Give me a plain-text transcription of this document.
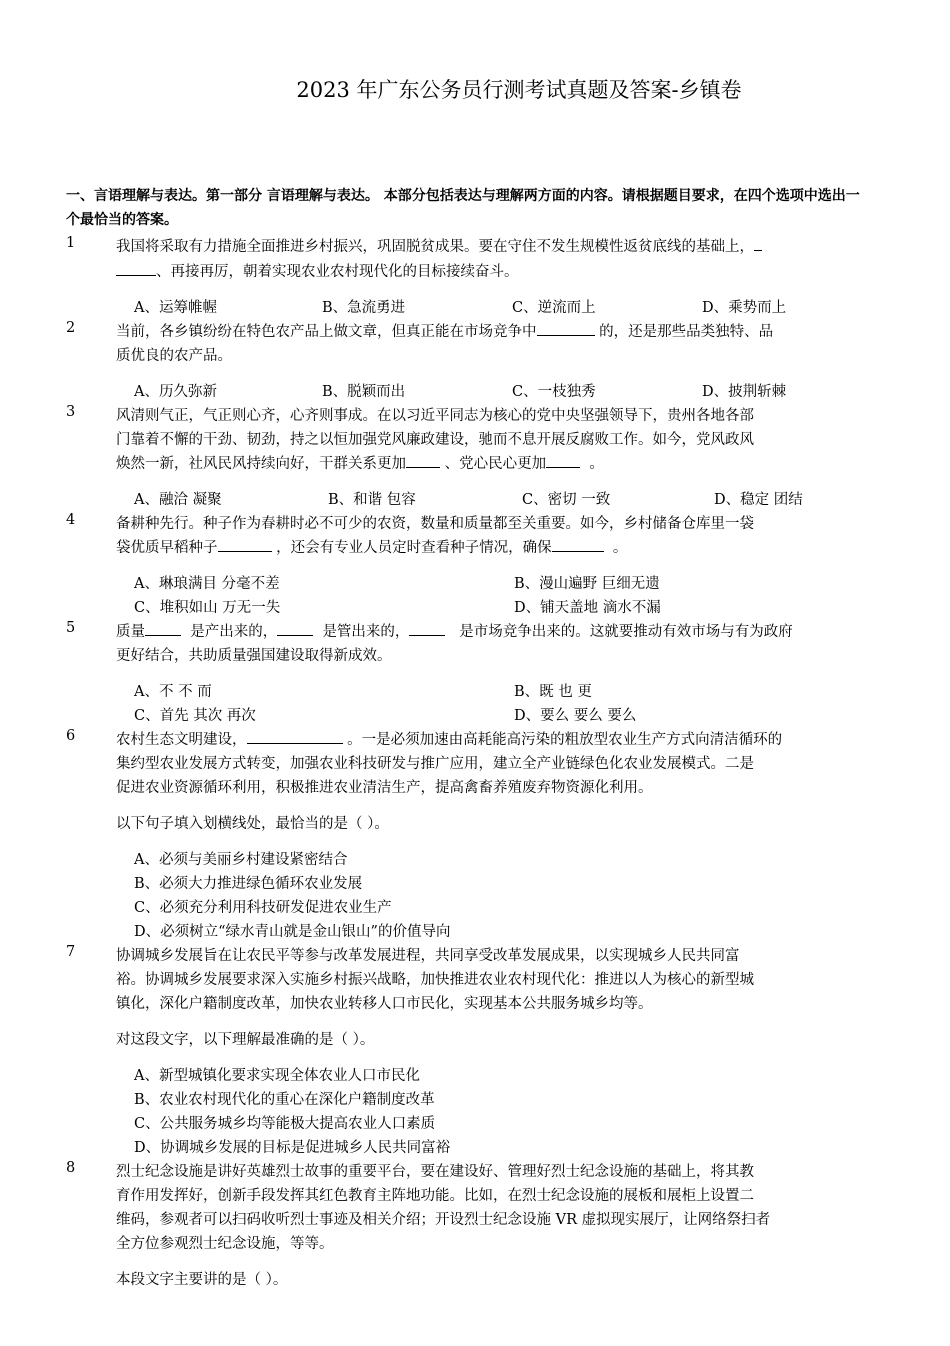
2023 年广东公务员行测考试真题及答案-乡镇卷
一、言语理解与表达。第一部分 言语理解与表达。 本部分包括表达与理解两方面的内容。请根据题目要求，在四个选项中选出一个最恰当的答案。
1	我国将采取有力措施全面推进乡村振兴，巩固脱贫成果。要在守住不发生规模性返贫底线的基础上，
、再接再厉，朝着实现农业农村现代化的目标接续奋斗。
A、运筹帷幄	B、急流勇进	C、逆流而上	D、乘势而上
2	当前，各乡镇纷纷在特色农产品上做文章，但真正能在市场竞争中	的，还是那些品类独特、品
质优良的农产品。
A、历久弥新	B、脱颖而出	C、一枝独秀	D、披荆斩棘
3	风清则气正，气正则心齐，心齐则事成。在以习近平同志为核心的党中央坚强领导下，贵州各地各部
门靠着不懈的干劲、韧劲，持之以恒加强党风廉政建设，驰而不息开展反腐败工作。如今，党风政风
焕然一新，社风民风持续向好，干群关系更加	、党心民心更加	。
A、融洽 凝聚	B、和谐 包容	C、密切 一致	D、稳定 团结
4	备耕种先行。种子作为春耕时必不可少的农资，数量和质量都至关重要。如今，乡村储备仓库里一袋
袋优质早稻种子	，还会有专业人员定时查看种子情况，确保	。
A、琳琅满目 分毫不差	B、漫山遍野 巨细无遗
C、堆积如山 万无一失	D、铺天盖地 滴水不漏
5	质量	是产出来的，	是管出来的，	是市场竞争出来的。这就要推动有效市场与有为政府
更好结合，共助质量强国建设取得新成效。
A、不 不 而	B、既 也 更
C、首先 其次 再次	D、要么 要么 要么
6	农村生态文明建设，	。一是必须加速由高耗能高污染的粗放型农业生产方式向清洁循环的
集约型农业发展方式转变，加强农业科技研发与推广应用，建立全产业链绿色化农业发展模式。二是
促进农业资源循环利用，积极推进农业清洁生产，提高禽畜养殖废弃物资源化利用。
以下句子填入划横线处，最恰当的是（ ）。
A、必须与美丽乡村建设紧密结合
B、必须大力推进绿色循环农业发展
C、必须充分利用科技研发促进农业生产
D、必须树立“绿水青山就是金山银山”的价值导向
7	协调城乡发展旨在让农民平等参与改革发展进程，共同享受改革发展成果，以实现城乡人民共同富
裕。协调城乡发展要求深入实施乡村振兴战略，加快推进农业农村现代化：推进以人为核心的新型城
镇化，深化户籍制度改革，加快农业转移人口市民化，实现基本公共服务城乡均等。
对这段文字，以下理解最准确的是（ ）。
A、新型城镇化要求实现全体农业人口市民化
B、农业农村现代化的重心在深化户籍制度改革
C、公共服务城乡均等能极大提高农业人口素质
D、协调城乡发展的目标是促进城乡人民共同富裕
8	烈士纪念设施是讲好英雄烈士故事的重要平台，要在建设好、管理好烈士纪念设施的基础上，将其教
育作用发挥好，创新手段发挥其红色教育主阵地功能。比如，在烈士纪念设施的展板和展柜上设置二
维码，参观者可以扫码收听烈士事迹及相关介绍；开设烈士纪念设施 VR 虚拟现实展厅，让网络祭扫者
全方位参观烈士纪念设施，等等。
本段文字主要讲的是（ ）。
